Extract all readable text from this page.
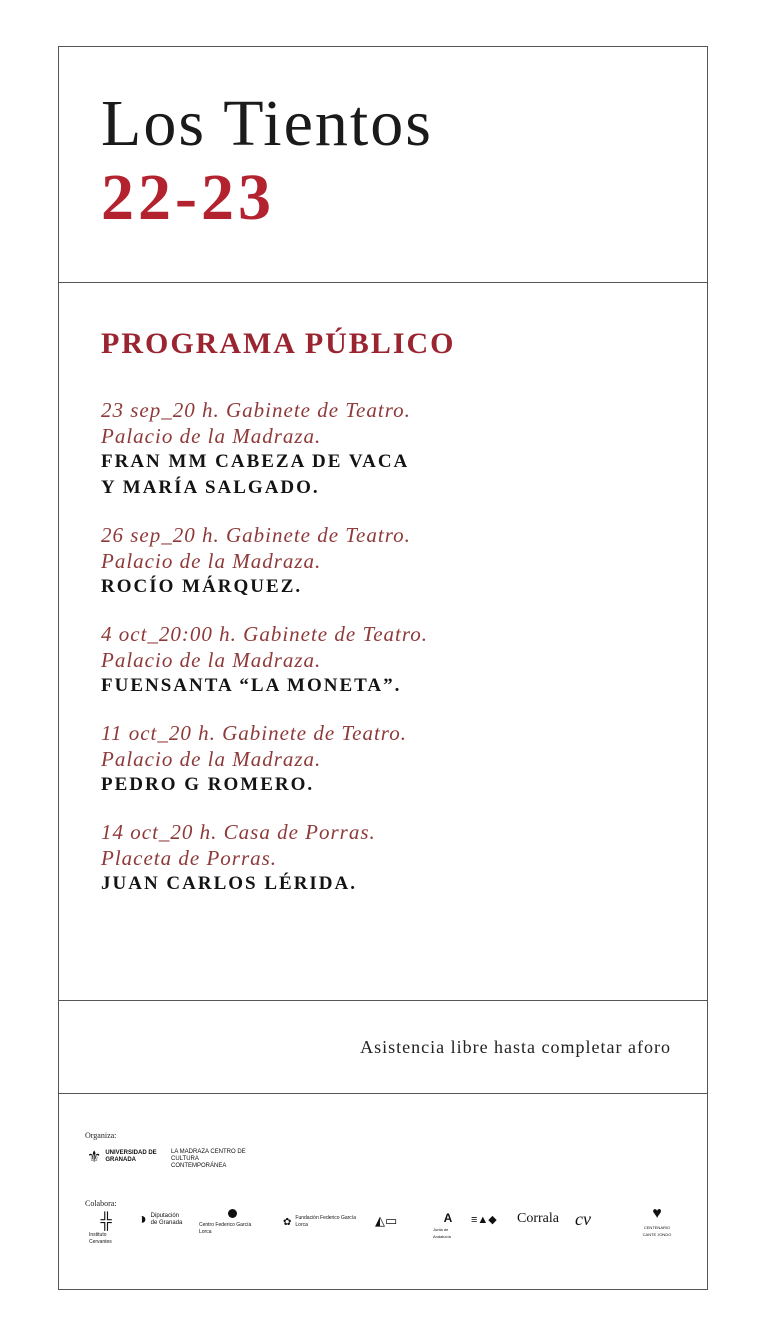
Los Tientos
22-23
PROGRAMA PÚBLICO

23 sep_20 h. Gabinete de Teatro.

Palacio de la Madraza.

FRAN MM CABEZA DE VACA

Y MARÍA SALGADO.

26 sep_20 h. Gabinete de Teatro.

Palacio de la Madraza.

ROCÍO MÁRQUEZ.

4 oct_20:00 h. Gabinete de Teatro.

Palacio de la Madraza.

FUENSANTA “LA MONETA”.

11 oct_20 h. Gabinete de Teatro.

Palacio de la Madraza.

PEDRO G ROMERO.

14 oct_20 h. Casa de Porras.

Placeta de Porras.

JUAN CARLOS LÉRIDA.

Asistencia libre hasta completar aforo
Organiza:
⚜ UNIVERSIDAD DE GRANADA
LA MADRAZA CENTRO DE CULTURA CONTEMPORÁNEA
Colabora:
╬
Instituto Cervantes
◑ Diputación de Granada	Centro Federico García Lorca
✿ Fundación Federico García Lorca	◭▭	A
Junta de Andalucía
≡▲◆ Corrala cv	♥
CENTENARIO CANTE JONDO
